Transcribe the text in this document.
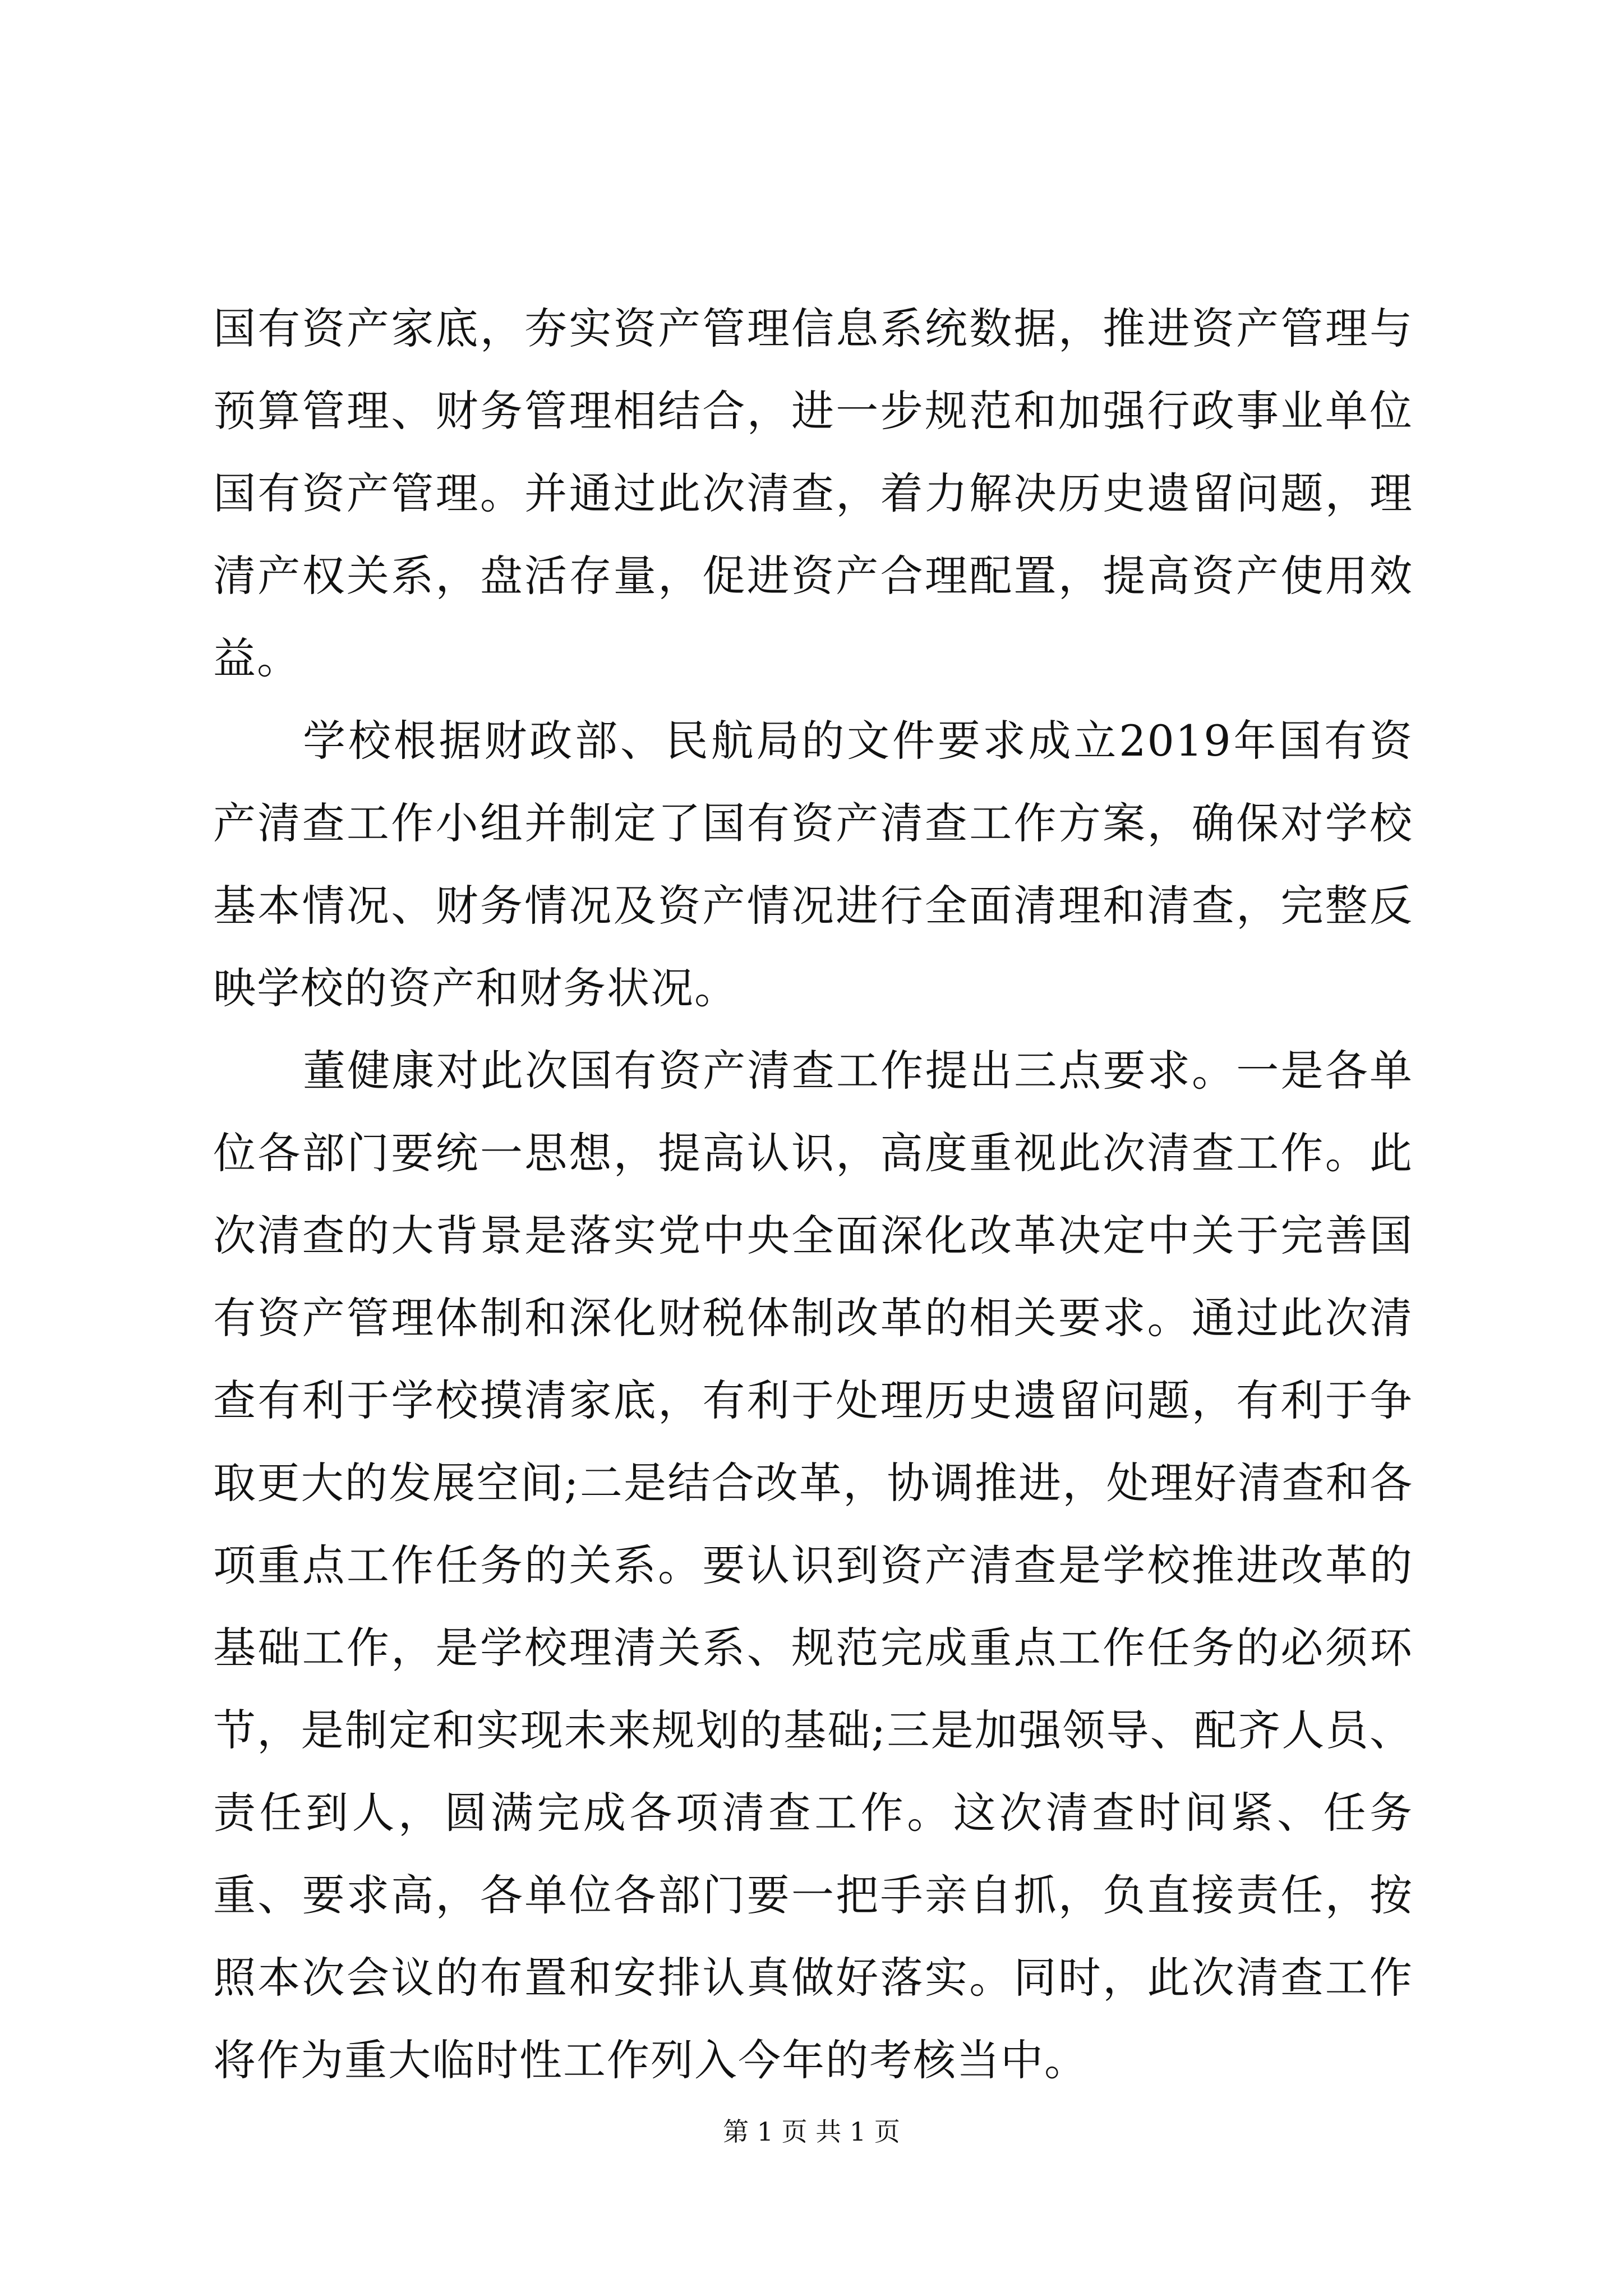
国有资产家底，夯实资产管理信息系统数据，推进资产管理与预算管理、财务管理相结合，进一步规范和加强行政事业单位国有资产管理。并通过此次清查，着力解决历史遗留问题，理清产权关系，盘活存量，促进资产合理配置，提高资产使用效益。

学校根据财政部、民航局的文件要求成立2019年国有资产清查工作小组并制定了国有资产清查工作方案，确保对学校基本情况、财务情况及资产情况进行全面清理和清查，完整反映学校的资产和财务状况。

董健康对此次国有资产清查工作提出三点要求。一是各单位各部门要统一思想，提高认识，高度重视此次清查工作。此次清查的大背景是落实党中央全面深化改革决定中关于完善国有资产管理体制和深化财税体制改革的相关要求。通过此次清查有利于学校摸清家底，有利于处理历史遗留问题，有利于争取更大的发展空间;二是结合改革，协调推进，处理好清查和各项重点工作任务的关系。要认识到资产清查是学校推进改革的基础工作，是学校理清关系、规范完成重点工作任务的必须环节，是制定和实现未来规划的基础;三是加强领导、配齐人员、责任到人，圆满完成各项清查工作。这次清查时间紧、任务重、要求高，各单位各部门要一把手亲自抓，负直接责任，按照本次会议的布置和安排认真做好落实。同时，此次清查工作将作为重大临时性工作列入今年的考核当中。

第 1 页 共 1 页
